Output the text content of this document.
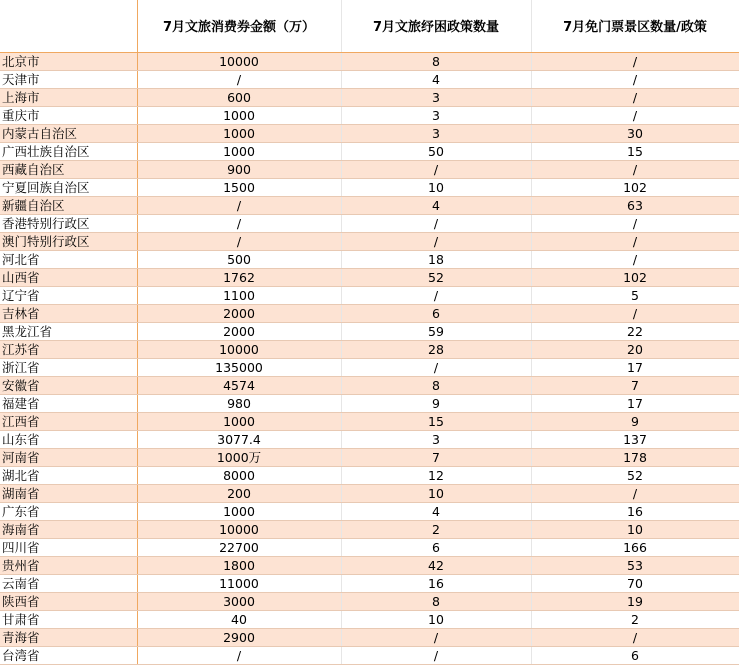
	7月文旅消费券金额（万）	7月文旅纾困政策数量	7月免门票景区数量/政策
北京市	10000	8	/
天津市	/	4	/
上海市	600	3	/
重庆市	1000	3	/
内蒙古自治区	1000	3	30
广西壮族自治区	1000	50	15
西藏自治区	900	/	/
宁夏回族自治区	1500	10	102
新疆自治区	/	4	63
香港特别行政区	/	/	/
澳门特别行政区	/	/	/
河北省	500	18	/
山西省	1762	52	102
辽宁省	1100	/	5
吉林省	2000	6	/
黑龙江省	2000	59	22
江苏省	10000	28	20
浙江省	135000	/	17
安徽省	4574	8	7
福建省	980	9	17
江西省	1000	15	9
山东省	3077.4	3	137
河南省	1000万	7	178
湖北省	8000	12	52
湖南省	200	10	/
广东省	1000	4	16
海南省	10000	2	10
四川省	22700	6	166
贵州省	1800	42	53
云南省	11000	16	70
陕西省	3000	8	19
甘肃省	40	10	2
青海省	2900	/	/
台湾省	/	/	6
